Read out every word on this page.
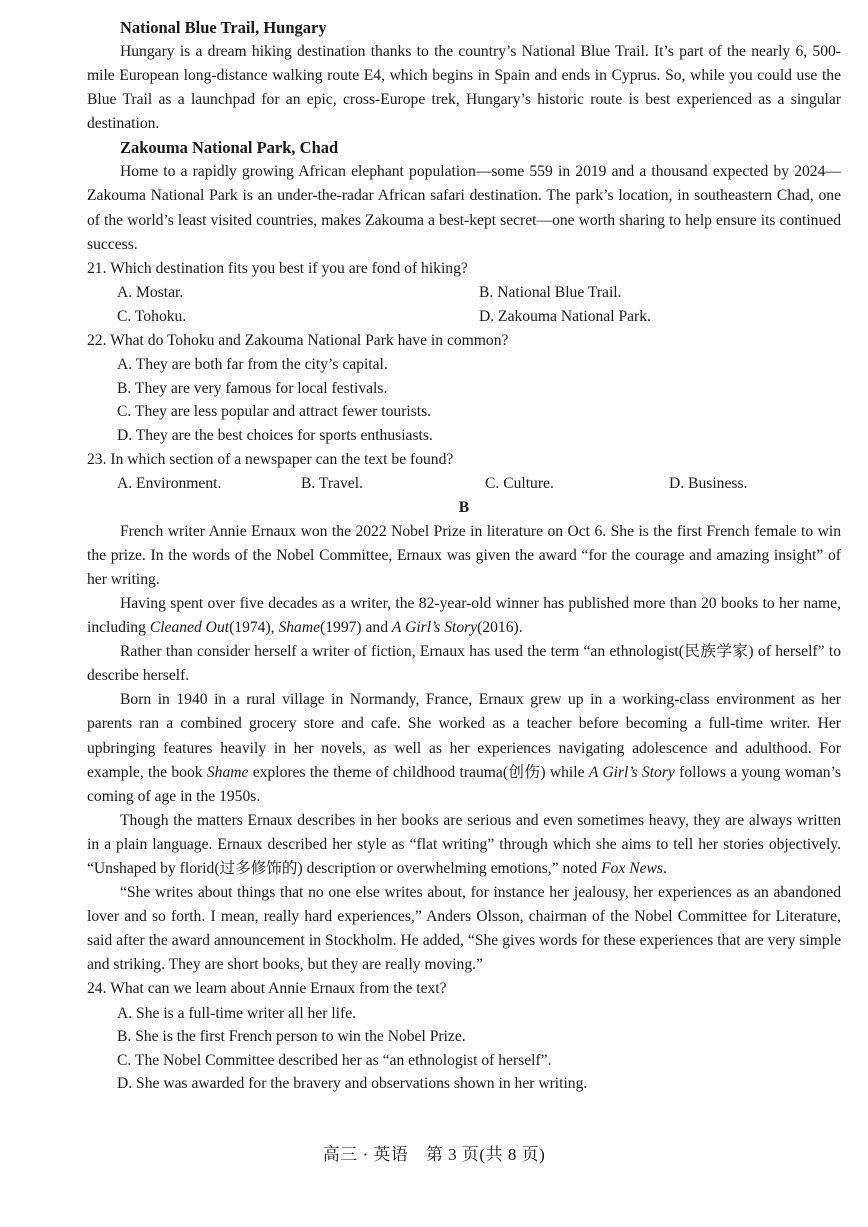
National Blue Trail, Hungary

Hungary is a dream hiking destination thanks to the country’s National Blue Trail. It’s part of the nearly 6, 500-mile European long-distance walking route E4, which begins in Spain and ends in Cyprus. So, while you could use the Blue Trail as a launchpad for an epic, cross-Europe trek, Hungary’s historic route is best experienced as a singular destination.

Zakouma National Park, Chad

Home to a rapidly growing African elephant population—some 559 in 2019 and a thousand expected by 2024—Zakouma National Park is an under-the-radar African safari destination. The park’s location, in southeastern Chad, one of the world’s least visited countries, makes Zakouma a best-kept secret—one worth sharing to help ensure its continued success.

21. Which destination fits you best if you are fond of hiking?
A. Mostar.	B. National Blue Trail.
C. Tohoku.	D. Zakouma National Park.
22. What do Tohoku and Zakouma National Park have in common?
A. They are both far from the city’s capital.
B. They are very famous for local festivals.
C. They are less popular and attract fewer tourists.
D. They are the best choices for sports enthusiasts.
23. In which section of a newspaper can the text be found?
A. Environment.	B. Travel.	C. Culture.	D. Business.
B

French writer Annie Ernaux won the 2022 Nobel Prize in literature on Oct 6. She is the first French female to win the prize. In the words of the Nobel Committee, Ernaux was given the award “for the courage and amazing insight” of her writing.

Having spent over five decades as a writer, the 82-year-old winner has published more than 20 books to her name, including Cleaned Out(1974), Shame(1997) and A Girl’s Story(2016).

Rather than consider herself a writer of fiction, Ernaux has used the term “an ethnologist(民族学家) of herself” to describe herself.

Born in 1940 in a rural village in Normandy, France, Ernaux grew up in a working-class environment as her parents ran a combined grocery store and cafe. She worked as a teacher before becoming a full-time writer. Her upbringing features heavily in her novels, as well as her experiences navigating adolescence and adulthood. For example, the book Shame explores the theme of childhood trauma(创伤) while A Girl’s Story follows a young woman’s coming of age in the 1950s.

Though the matters Ernaux describes in her books are serious and even sometimes heavy, they are always written in a plain language. Ernaux described her style as “flat writing” through which she aims to tell her stories objectively. “Unshaped by florid(过多修饰的) description or overwhelming emotions,” noted Fox News.

“She writes about things that no one else writes about, for instance her jealousy, her experiences as an abandoned lover and so forth. I mean, really hard experiences,” Anders Olsson, chairman of the Nobel Committee for Literature, said after the award announcement in Stockholm. He added, “She gives words for these experiences that are very simple and striking. They are short books, but they are really moving.”

24. What can we learn about Annie Ernaux from the text?
A. She is a full-time writer all her life.
B. She is the first French person to win the Nobel Prize.
C. The Nobel Committee described her as “an ethnologist of herself”.
D. She was awarded for the bravery and observations shown in her writing.
高三 · 英语　第 3 页(共 8 页)
